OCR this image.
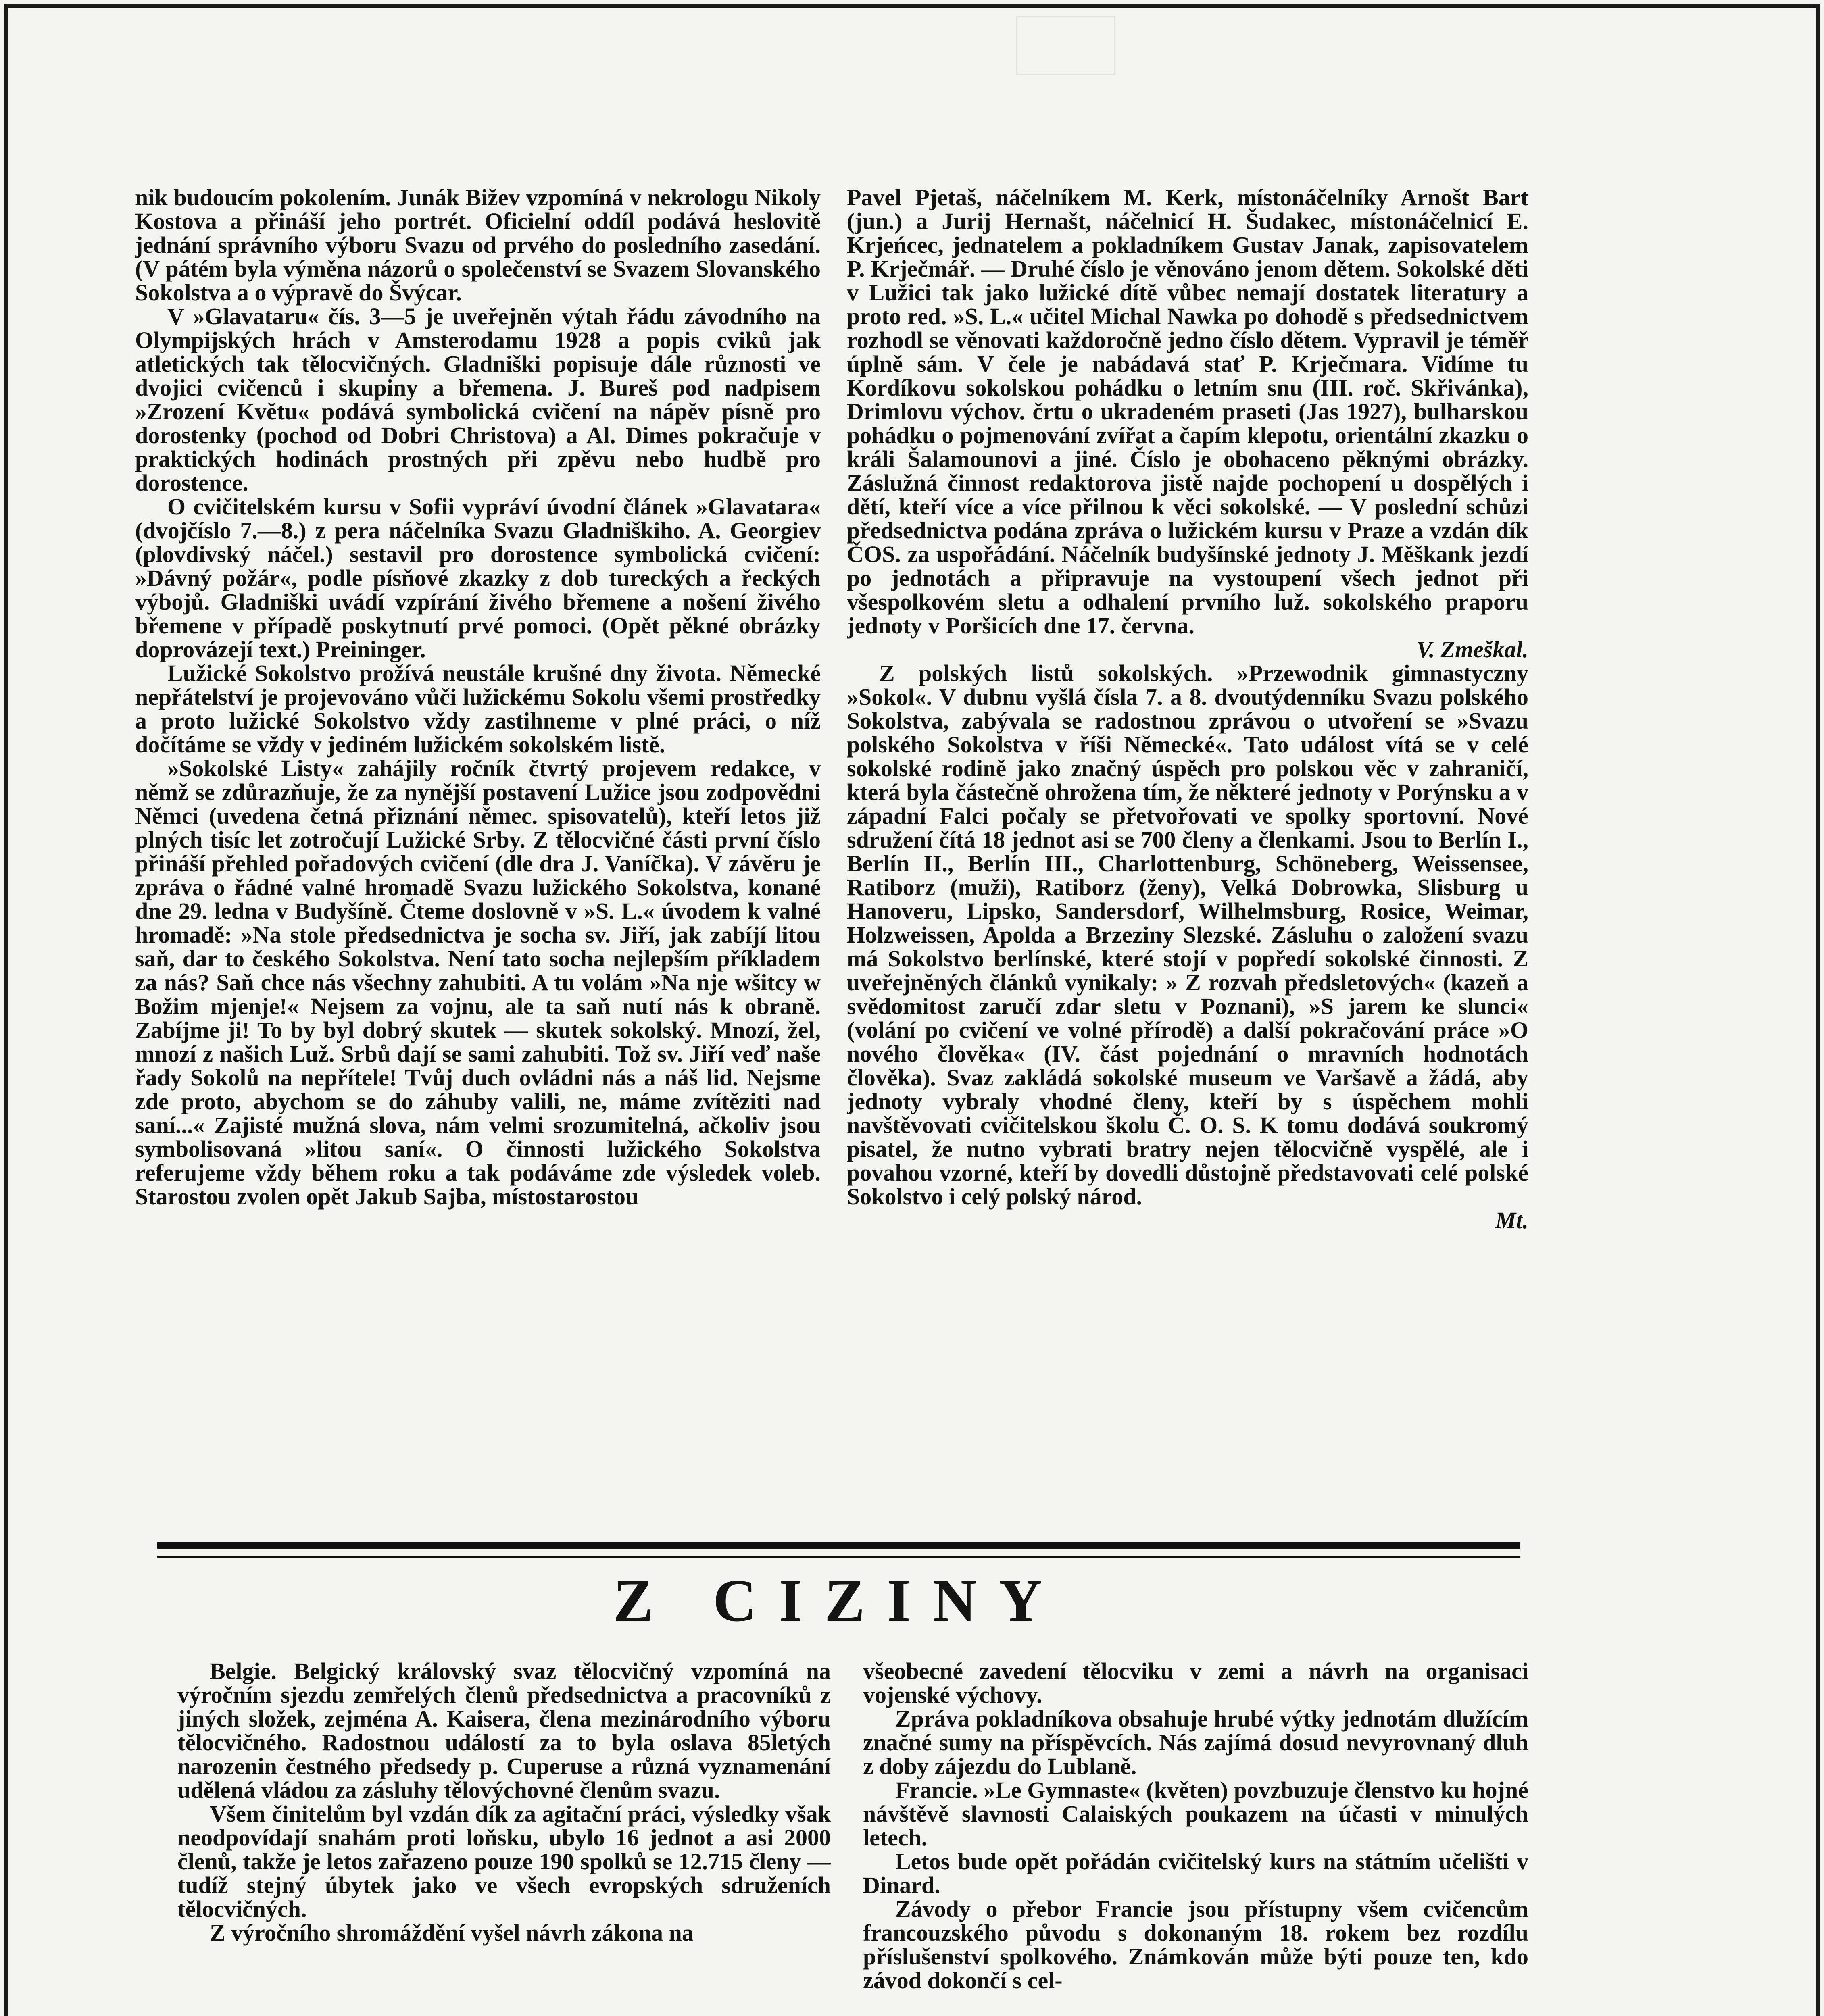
nik budoucím pokolením. Junák Bižev vzpomíná v nekrologu Nikoly Kostova a přináší jeho portrét. Oficielní oddíl podává heslovitě jednání správního výboru Svazu od prvého do posledního zasedání. (V pátém byla výměna názorů o společenství se Svazem Slovanského Sokolstva a o výpravě do Švýcar.

V »Glavataru« čís. 3—5 je uveřejněn výtah řádu závodního na Olympijských hrách v Amsterodamu 1928 a popis cviků jak atletických tak tělocvičných. Gladniški popisuje dále různosti ve dvojici cvičenců i skupiny a břemena. J. Bureš pod nadpisem »Zrození Květu« podává symbolická cvičení na nápěv písně pro dorostenky (pochod od Dobri Christova) a Al. Dimes pokračuje v praktických hodinách prostných při zpěvu nebo hudbě pro dorostence.

O cvičitelském kursu v Sofii vypráví úvodní článek »Glavatara« (dvojčíslo 7.—8.) z pera náčelníka Svazu Gladniškiho. A. Georgiev (plovdivský náčel.) sestavil pro dorostence symbolická cvičení: »Dávný požár«, podle písňové zkazky z dob tureckých a řeckých výbojů. Gladniški uvádí vzpírání živého břemene a nošení živého břemene v případě poskytnutí prvé pomoci. (Opět pěkné obrázky doprovázejí text.) Preininger.

Lužické Sokolstvo prožívá neustále krušné dny života. Německé nepřátelství je projevováno vůči lužickému Sokolu všemi prostředky a proto lužické Sokolstvo vždy zastihneme v plné práci, o níž dočítáme se vždy v jediném lužickém sokolském listě.

»Sokolské Listy« zahájily ročník čtvrtý projevem redakce, v němž se zdůrazňuje, že za nynější postavení Lužice jsou zodpovědni Němci (uvedena četná přiznání němec. spisovatelů), kteří letos již plných tisíc let zotročují Lužické Srby. Z tělocvičné části první číslo přináší přehled pořadových cvičení (dle dra J. Vaníčka). V závěru je zpráva o řádné valné hromadě Svazu lužického Sokolstva, konané dne 29. ledna v Budyšíně. Čteme doslovně v »S. L.« úvodem k valné hromadě: »Na stole předsednictva je socha sv. Jiří, jak zabíjí litou saň, dar to českého Sokolstva. Není tato socha nejlepším příkladem za nás? Saň chce nás všechny zahubiti. A tu volám »Na nje wšitcy w Božim mjenje!« Nejsem za vojnu, ale ta saň nutí nás k obraně. Zabíjme ji! To by byl dobrý skutek — skutek sokolský. Mnozí, žel, mnozí z našich Luž. Srbů dají se sami zahubiti. Tož sv. Jiří veď naše řady Sokolů na nepřítele! Tvůj duch ovládni nás a náš lid. Nejsme zde proto, abychom se do záhuby valili, ne, máme zvítěziti nad saní...« Zajisté mužná slova, nám velmi srozumitelná, ačkoliv jsou symbolisovaná »litou saní«. O činnosti lužického Sokolstva referujeme vždy během roku a tak podáváme zde výsledek voleb. Starostou zvolen opět Jakub Sajba, místostarostou

Pavel Pjetaš, náčelníkem M. Kerk, místonáčelníky Arnošt Bart (jun.) a Jurij Hernašt, náčelnicí H. Šudakec, místonáčelnicí E. Krjeńcec, jednatelem a pokladníkem Gustav Janak, zapisovatelem P. Krječmář. — Druhé číslo je věnováno jenom dětem. Sokolské děti v Lužici tak jako lužické dítě vůbec nemají dostatek literatury a proto red. »S. L.« učitel Michal Nawka po dohodě s předsednictvem rozhodl se věnovati každoročně jedno číslo dětem. Vypravil je téměř úplně sám. V čele je nabádavá stať P. Krječmara. Vidíme tu Kordíkovu sokolskou pohádku o letním snu (III. roč. Skřivánka), Drimlovu výchov. črtu o ukradeném praseti (Jas 1927), bulharskou pohádku o pojmenování zvířat a čapím klepotu, orientální zkazku o králi Šalamounovi a jiné. Číslo je obohaceno pěknými obrázky. Záslužná činnost redaktorova jistě najde pochopení u dospělých i dětí, kteří více a více přilnou k věci sokolské. — V poslední schůzi předsednictva podána zpráva o lužickém kursu v Praze a vzdán dík ČOS. za uspořádání. Náčelník budyšínské jednoty J. Měškank jezdí po jednotách a připravuje na vystoupení všech jednot při všespolkovém sletu a odhalení prvního luž. sokolského praporu jednoty v Poršicích dne 17. června.

V. Zmeškal.

Z polských listů sokolských. »Przewodnik gimnastyczny »Sokol«. V dubnu vyšlá čísla 7. a 8. dvoutýdenníku Svazu polského Sokolstva, zabývala se radostnou zprávou o utvoření se »Svazu polského Sokolstva v říši Německé«. Tato událost vítá se v celé sokolské rodině jako značný úspěch pro polskou věc v zahraničí, která byla částečně ohrožena tím, že některé jednoty v Porýnsku a v západní Falci počaly se přetvořovati ve spolky sportovní. Nové sdružení čítá 18 jednot asi se 700 členy a členkami. Jsou to Berlín I., Berlín II., Berlín III., Charlottenburg, Schöneberg, Weissensee, Ratiborz (muži), Ratiborz (ženy), Velká Dobrowka, Slisburg u Hanoveru, Lipsko, Sandersdorf, Wilhelmsburg, Rosice, Weimar, Holzweissen, Apolda a Brzeziny Slezské. Zásluhu o založení svazu má Sokolstvo berlínské, které stojí v popředí sokolské činnosti. Z uveřejněných článků vynikaly: » Z rozvah předsletových« (kazeň a svědomitost zaručí zdar sletu v Poznani), »S jarem ke slunci« (volání po cvičení ve volné přírodě) a další pokračování práce »O nového člověka« (IV. část pojednání o mravních hodnotách člověka). Svaz zakládá sokolské museum ve Varšavě a žádá, aby jednoty vybraly vhodné členy, kteří by s úspěchem mohli navštěvovati cvičitelskou školu Č. O. S. K tomu dodává soukromý pisatel, že nutno vybrati bratry nejen tělocvičně vyspělé, ale i povahou vzorné, kteří by dovedli důstojně představovati celé polské Sokolstvo i celý polský národ.

Mt.

Z CIZINY

Belgie. Belgický královský svaz tělocvičný vzpomíná na výročním sjezdu zemřelých členů předsednictva a pracovníků z jiných složek, zejména A. Kaisera, člena mezinárodního výboru tělocvičného. Radostnou událostí za to byla oslava 85letých narozenin čestného předsedy p. Cuperuse a různá vyznamenání udělená vládou za zásluhy tělovýchovné členům svazu.

Všem činitelům byl vzdán dík za agitační práci, výsledky však neodpovídají snahám proti loňsku, ubylo 16 jednot a asi 2000 členů, takže je letos zařazeno pouze 190 spolků se 12.715 členy — tudíž stejný úbytek jako ve všech evropských sdruženích tělocvičných.

Z výročního shromáždění vyšel návrh zákona na

všeobecné zavedení tělocviku v zemi a návrh na organisaci vojenské výchovy.

Zpráva pokladníkova obsahuje hrubé výtky jednotám dlužícím značné sumy na příspěvcích. Nás zajímá dosud nevyrovnaný dluh z doby zájezdu do Lublaně.

Francie. »Le Gymnaste« (květen) povzbuzuje členstvo ku hojné návštěvě slavnosti Calaiských poukazem na účasti v minulých letech.

Letos bude opět pořádán cvičitelský kurs na státním učelišti v Dinard.

Závody o přebor Francie jsou přístupny všem cvičencům francouzského původu s dokonaným 18. rokem bez rozdílu příslušenství spolkového. Známkován může býti pouze ten, kdo závod dokončí s cel-
